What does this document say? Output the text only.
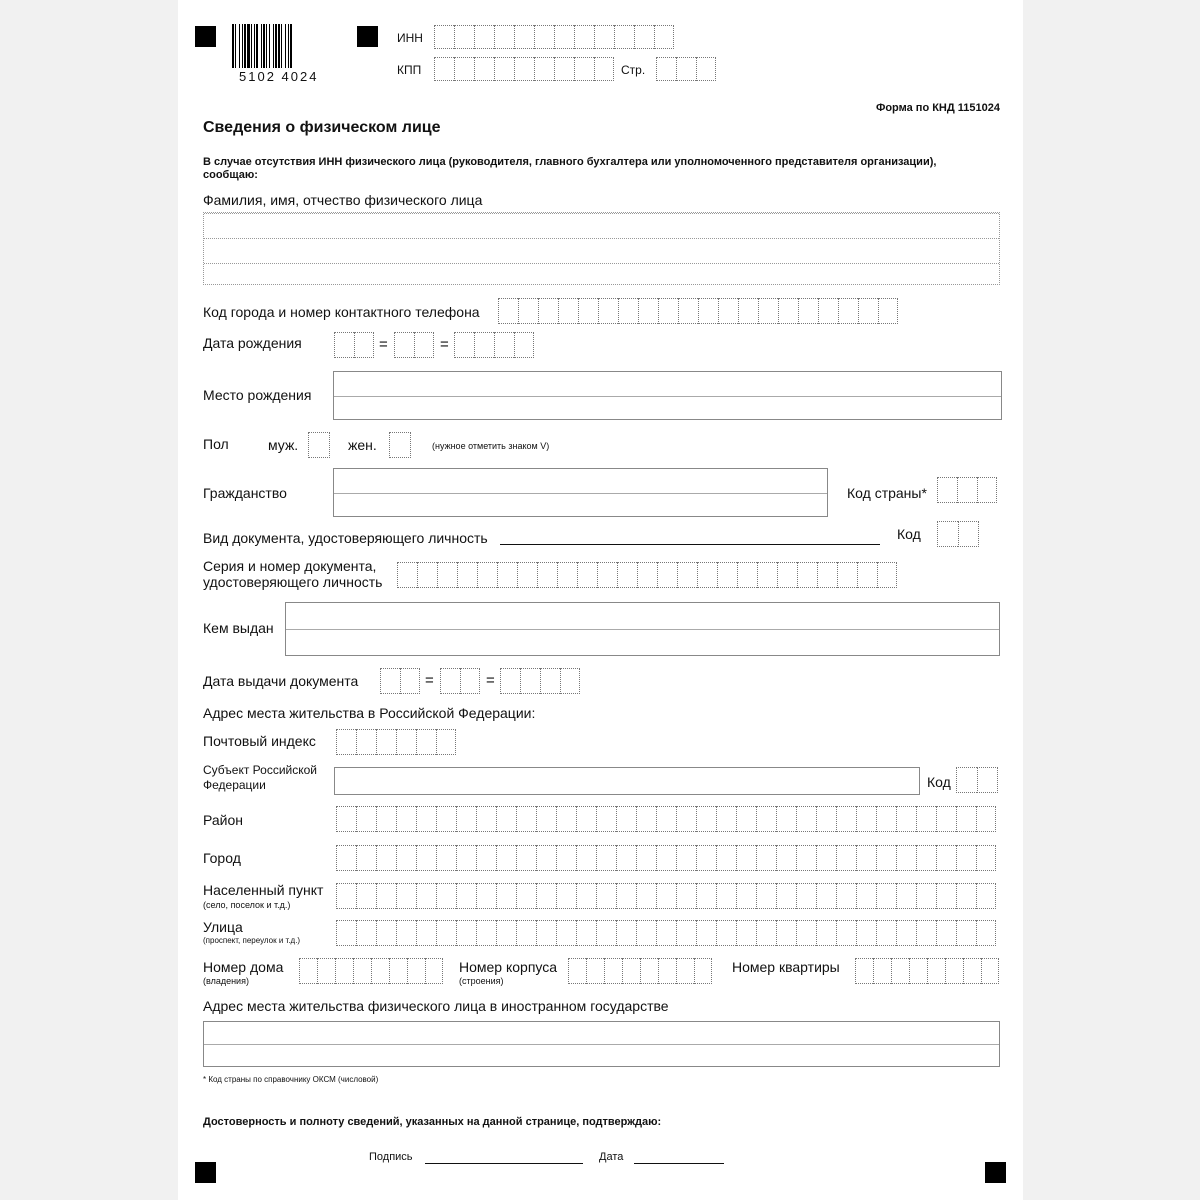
5102 4024
ИНН
КПП	Стр.
Форма по КНД 1151024
Сведения о физическом лице
В случае отсутствия ИНН физического лица (руководителя, главного бухгалтера или уполномоченного представителя организации), сообщаю:
Фамилия, имя, отчество физического лица
Код города и номер контактного телефона
Дата рождения	=	=
Место рождения
Пол	муж.	жен.	(нужное отметить знаком V)
Гражданство	Код страны*
Вид документа, удостоверяющего личность	Код
Серия и номер документа,
удостоверяющего личность
Кем выдан
Дата выдачи документа	=	=
Адрес места жительства в Российской Федерации:
Почтовый индекс
Субъект Российской
Федерации	Код
Район
Город
Населенный пункт
(село, поселок и т.д.)
Улица
(проспект, переулок и т.д.)
Номер дома
(владения)
Номер корпуса
(строения)
Номер квартиры
Адрес места жительства физического лица в иностранном государстве
* Код страны по справочнику ОКСМ (числовой)
Достоверность и полноту сведений, указанных на данной странице, подтверждаю:
Подпись	Дата
